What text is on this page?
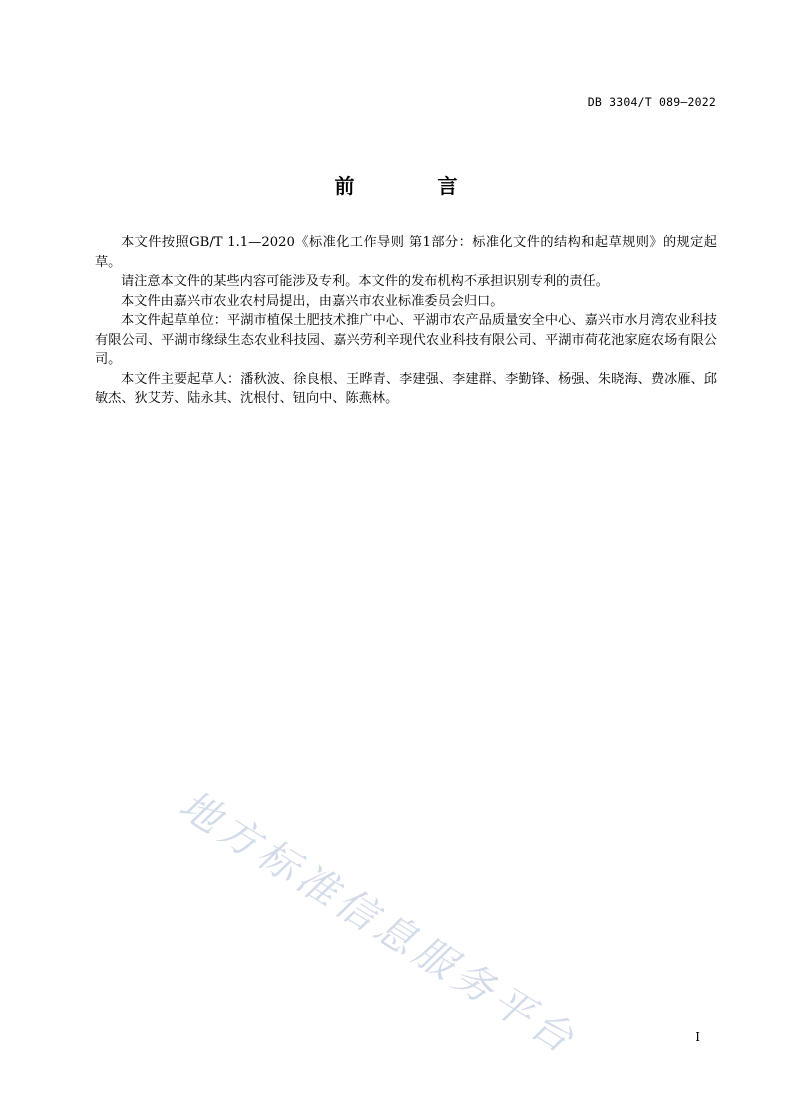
DB 3304/T 089—2022
前 言

本文件按照GB/T 1.1—2020《标准化工作导则 第1部分：标准化文件的结构和起草规则》的规定起草。

请注意本文件的某些内容可能涉及专利。本文件的发布机构不承担识别专利的责任。

本文件由嘉兴市农业农村局提出，由嘉兴市农业标准委员会归口。

本文件起草单位：平湖市植保土肥技术推广中心、平湖市农产品质量安全中心、嘉兴市水月湾农业科技有限公司、平湖市缘绿生态农业科技园、嘉兴劳利辛现代农业科技有限公司、平湖市荷花池家庭农场有限公司。

本文件主要起草人：潘秋波、徐良根、王晔青、李建强、李建群、李勤锋、杨强、朱晓海、费冰雁、邱敏杰、狄艾芳、陆永其、沈根付、钮向中、陈燕林。

地方标准信息服务平台	I
